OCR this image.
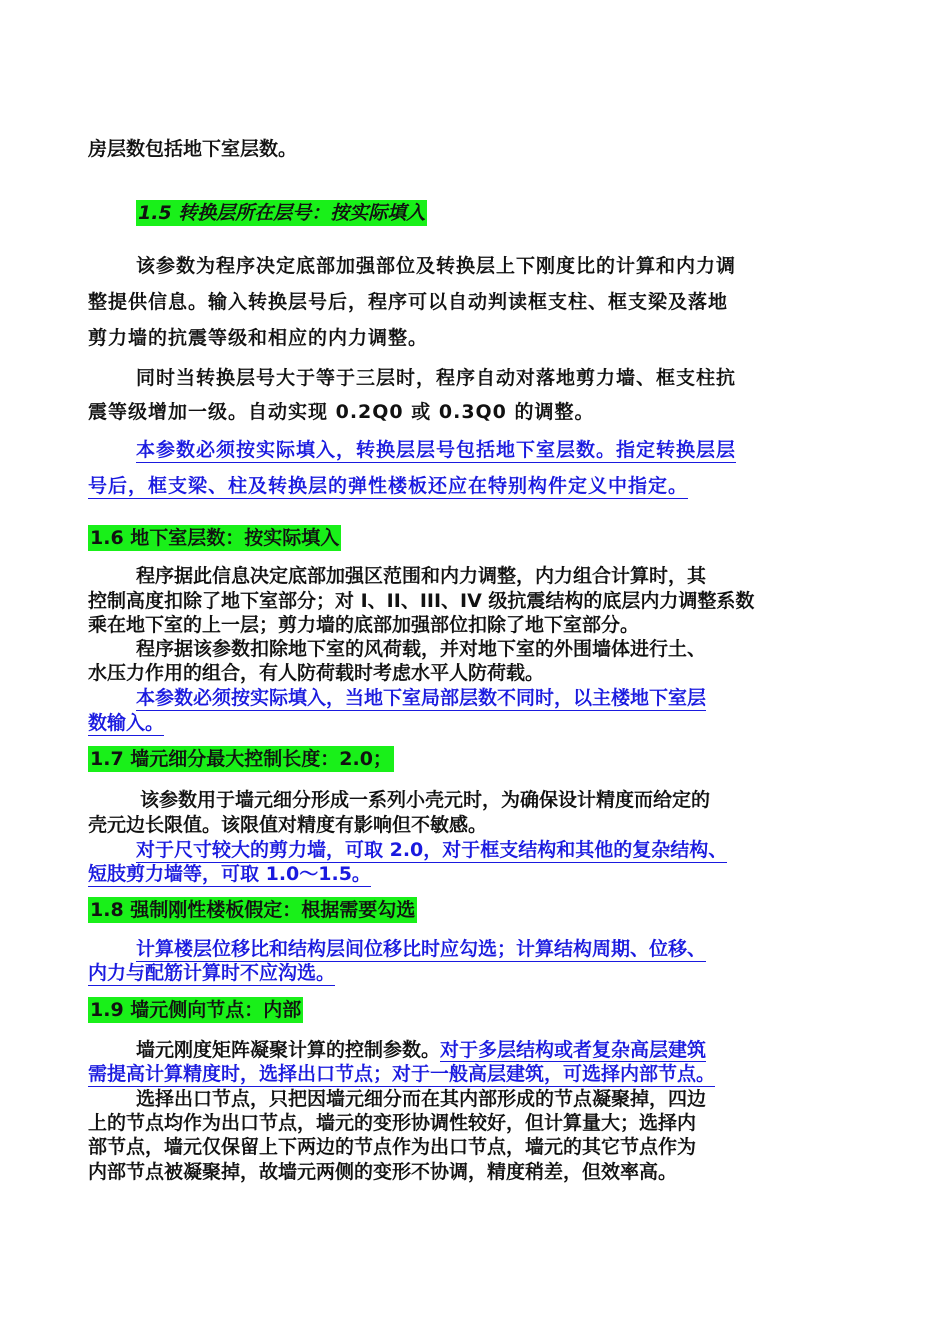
房层数包括地下室层数。
1.5 转换层所在层号：按实际填入
该参数为程序决定底部加强部位及转换层上下刚度比的计算和内力调
整提供信息。输入转换层号后，程序可以自动判读框支柱、框支梁及落地
剪力墙的抗震等级和相应的内力调整。
同时当转换层号大于等于三层时，程序自动对落地剪力墙、框支柱抗
震等级增加一级。自动实现 0.2Q0 或 0.3Q0 的调整。
本参数必须按实际填入，转换层层号包括地下室层数。指定转换层层
号后，框支梁、柱及转换层的弹性楼板还应在特别构件定义中指定。
1.6 地下室层数：按实际填入
程序据此信息决定底部加强区范围和内力调整，内力组合计算时，其
控制高度扣除了地下室部分；对 I、II、III、IV 级抗震结构的底层内力调整系数
乘在地下室的上一层；剪力墙的底部加强部位扣除了地下室部分。
程序据该参数扣除地下室的风荷载，并对地下室的外围墙体进行土、
水压力作用的组合，有人防荷载时考虑水平人防荷载。
本参数必须按实际填入，当地下室局部层数不同时，以主楼地下室层
数输入。
1.7 墙元细分最大控制长度：2.0；
该参数用于墙元细分形成一系列小壳元时，为确保设计精度而给定的
壳元边长限值。该限值对精度有影响但不敏感。
对于尺寸较大的剪力墙，可取 2.0，对于框支结构和其他的复杂结构、
短肢剪力墙等，可取 1.0～1.5。
1.8 强制刚性楼板假定：根据需要勾选
计算楼层位移比和结构层间位移比时应勾选；计算结构周期、位移、
内力与配筋计算时不应沟选。
1.9 墙元侧向节点：内部
墙元刚度矩阵凝聚计算的控制参数。对于多层结构或者复杂高层建筑
需提高计算精度时，选择出口节点；对于一般高层建筑，可选择内部节点。
选择出口节点，只把因墙元细分而在其内部形成的节点凝聚掉，四边
上的节点均作为出口节点，墙元的变形协调性较好，但计算量大；选择内
部节点，墙元仅保留上下两边的节点作为出口节点，墙元的其它节点作为
内部节点被凝聚掉，故墙元两侧的变形不协调，精度稍差，但效率高。
